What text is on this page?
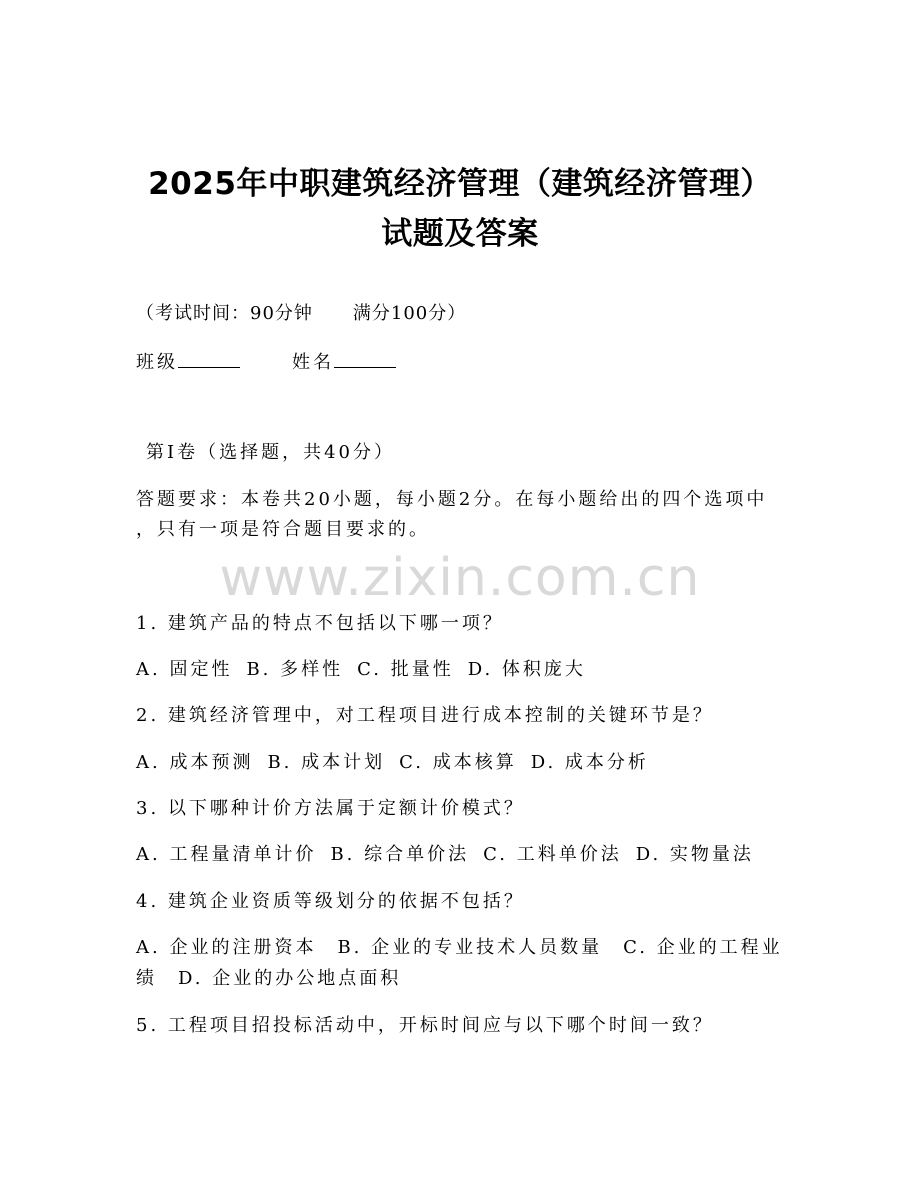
2025年中职建筑经济管理（建筑经济管理）
试题及答案
（考试时间：90分钟 满分100分）
班级	姓名
第Ⅰ卷（选择题，共40分）
答题要求：本卷共20小题，每小题2分。在每小题给出的四个选项中
，只有一项是符合题目要求的。
www.zixin.com.cn
1. 建筑产品的特点不包括以下哪一项？
A. 固定性 B. 多样性 C. 批量性 D. 体积庞大
2. 建筑经济管理中，对工程项目进行成本控制的关键环节是？
A. 成本预测 B. 成本计划 C. 成本核算 D. 成本分析
3. 以下哪种计价方法属于定额计价模式？
A. 工程量清单计价 B. 综合单价法 C. 工料单价法 D. 实物量法
4. 建筑企业资质等级划分的依据不包括？
A. 企业的注册资本　B. 企业的专业技术人员数量　C. 企业的工程业
绩　D. 企业的办公地点面积
5. 工程项目招投标活动中，开标时间应与以下哪个时间一致？
